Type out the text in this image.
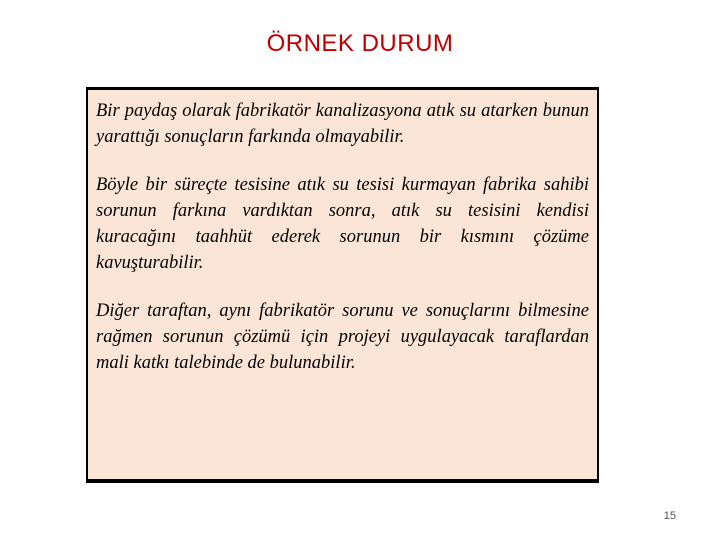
ÖRNEK DURUM

Bir paydaş olarak fabrikatör kanalizasyona atık su atarken bunun yarattığı sonuçların farkında olmayabilir.

Böyle bir süreçte tesisine atık su tesisi kurmayan fabrika sahibi sorunun farkına vardıktan sonra, atık su tesisini kendisi kuracağını taahhüt ederek sorunun bir kısmını çözüme kavuşturabilir.

Diğer taraftan, aynı fabrikatör sorunu ve sonuçlarını bilmesine rağmen sorunun çözümü için projeyi uygulayacak taraflardan mali katkı talebinde de bulunabilir.

15
